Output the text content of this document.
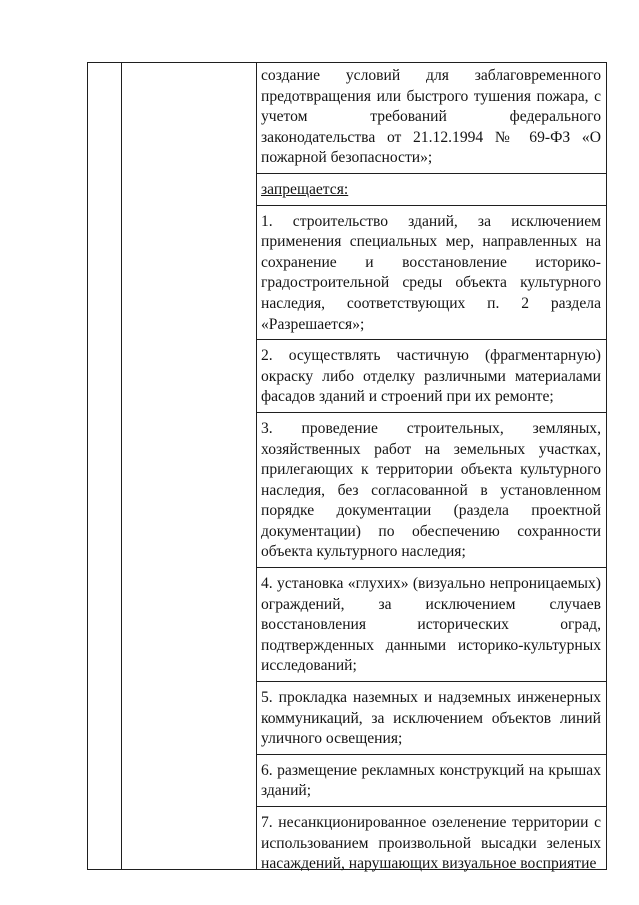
создание условий для заблаговременного предотвращения или быстрого тушения пожара, с учетом требований федерального законодательства от 21.12.1994 № 69-ФЗ «О пожарной безопасности»;

запрещается:

1. строительство зданий, за исключением применения специальных мер, направленных на сохранение и восстановление историко-градостроительной среды объекта культурного наследия, соответствующих п. 2 раздела «Разрешается»;

2. осуществлять частичную (фрагментарную) окраску либо отделку различными материалами фасадов зданий и строений при их ремонте;

3. проведение строительных, земляных, хозяйственных работ на земельных участках, прилегающих к территории объекта культурного наследия, без согласованной в установленном порядке документации (раздела проектной документации) по обеспечению сохранности объекта культурного наследия;

4. установка «глухих» (визуально непроницаемых) ограждений, за исключением случаев восстановления исторических оград, подтвержденных данными историко-культурных исследований;

5. прокладка наземных и надземных инженерных коммуникаций, за исключением объектов линий уличного освещения;

6. размещение рекламных конструкций на крышах зданий;

7. несанкционированное озеленение территории с использованием произвольной высадки зеленых насаждений, нарушающих визуальное восприятие
